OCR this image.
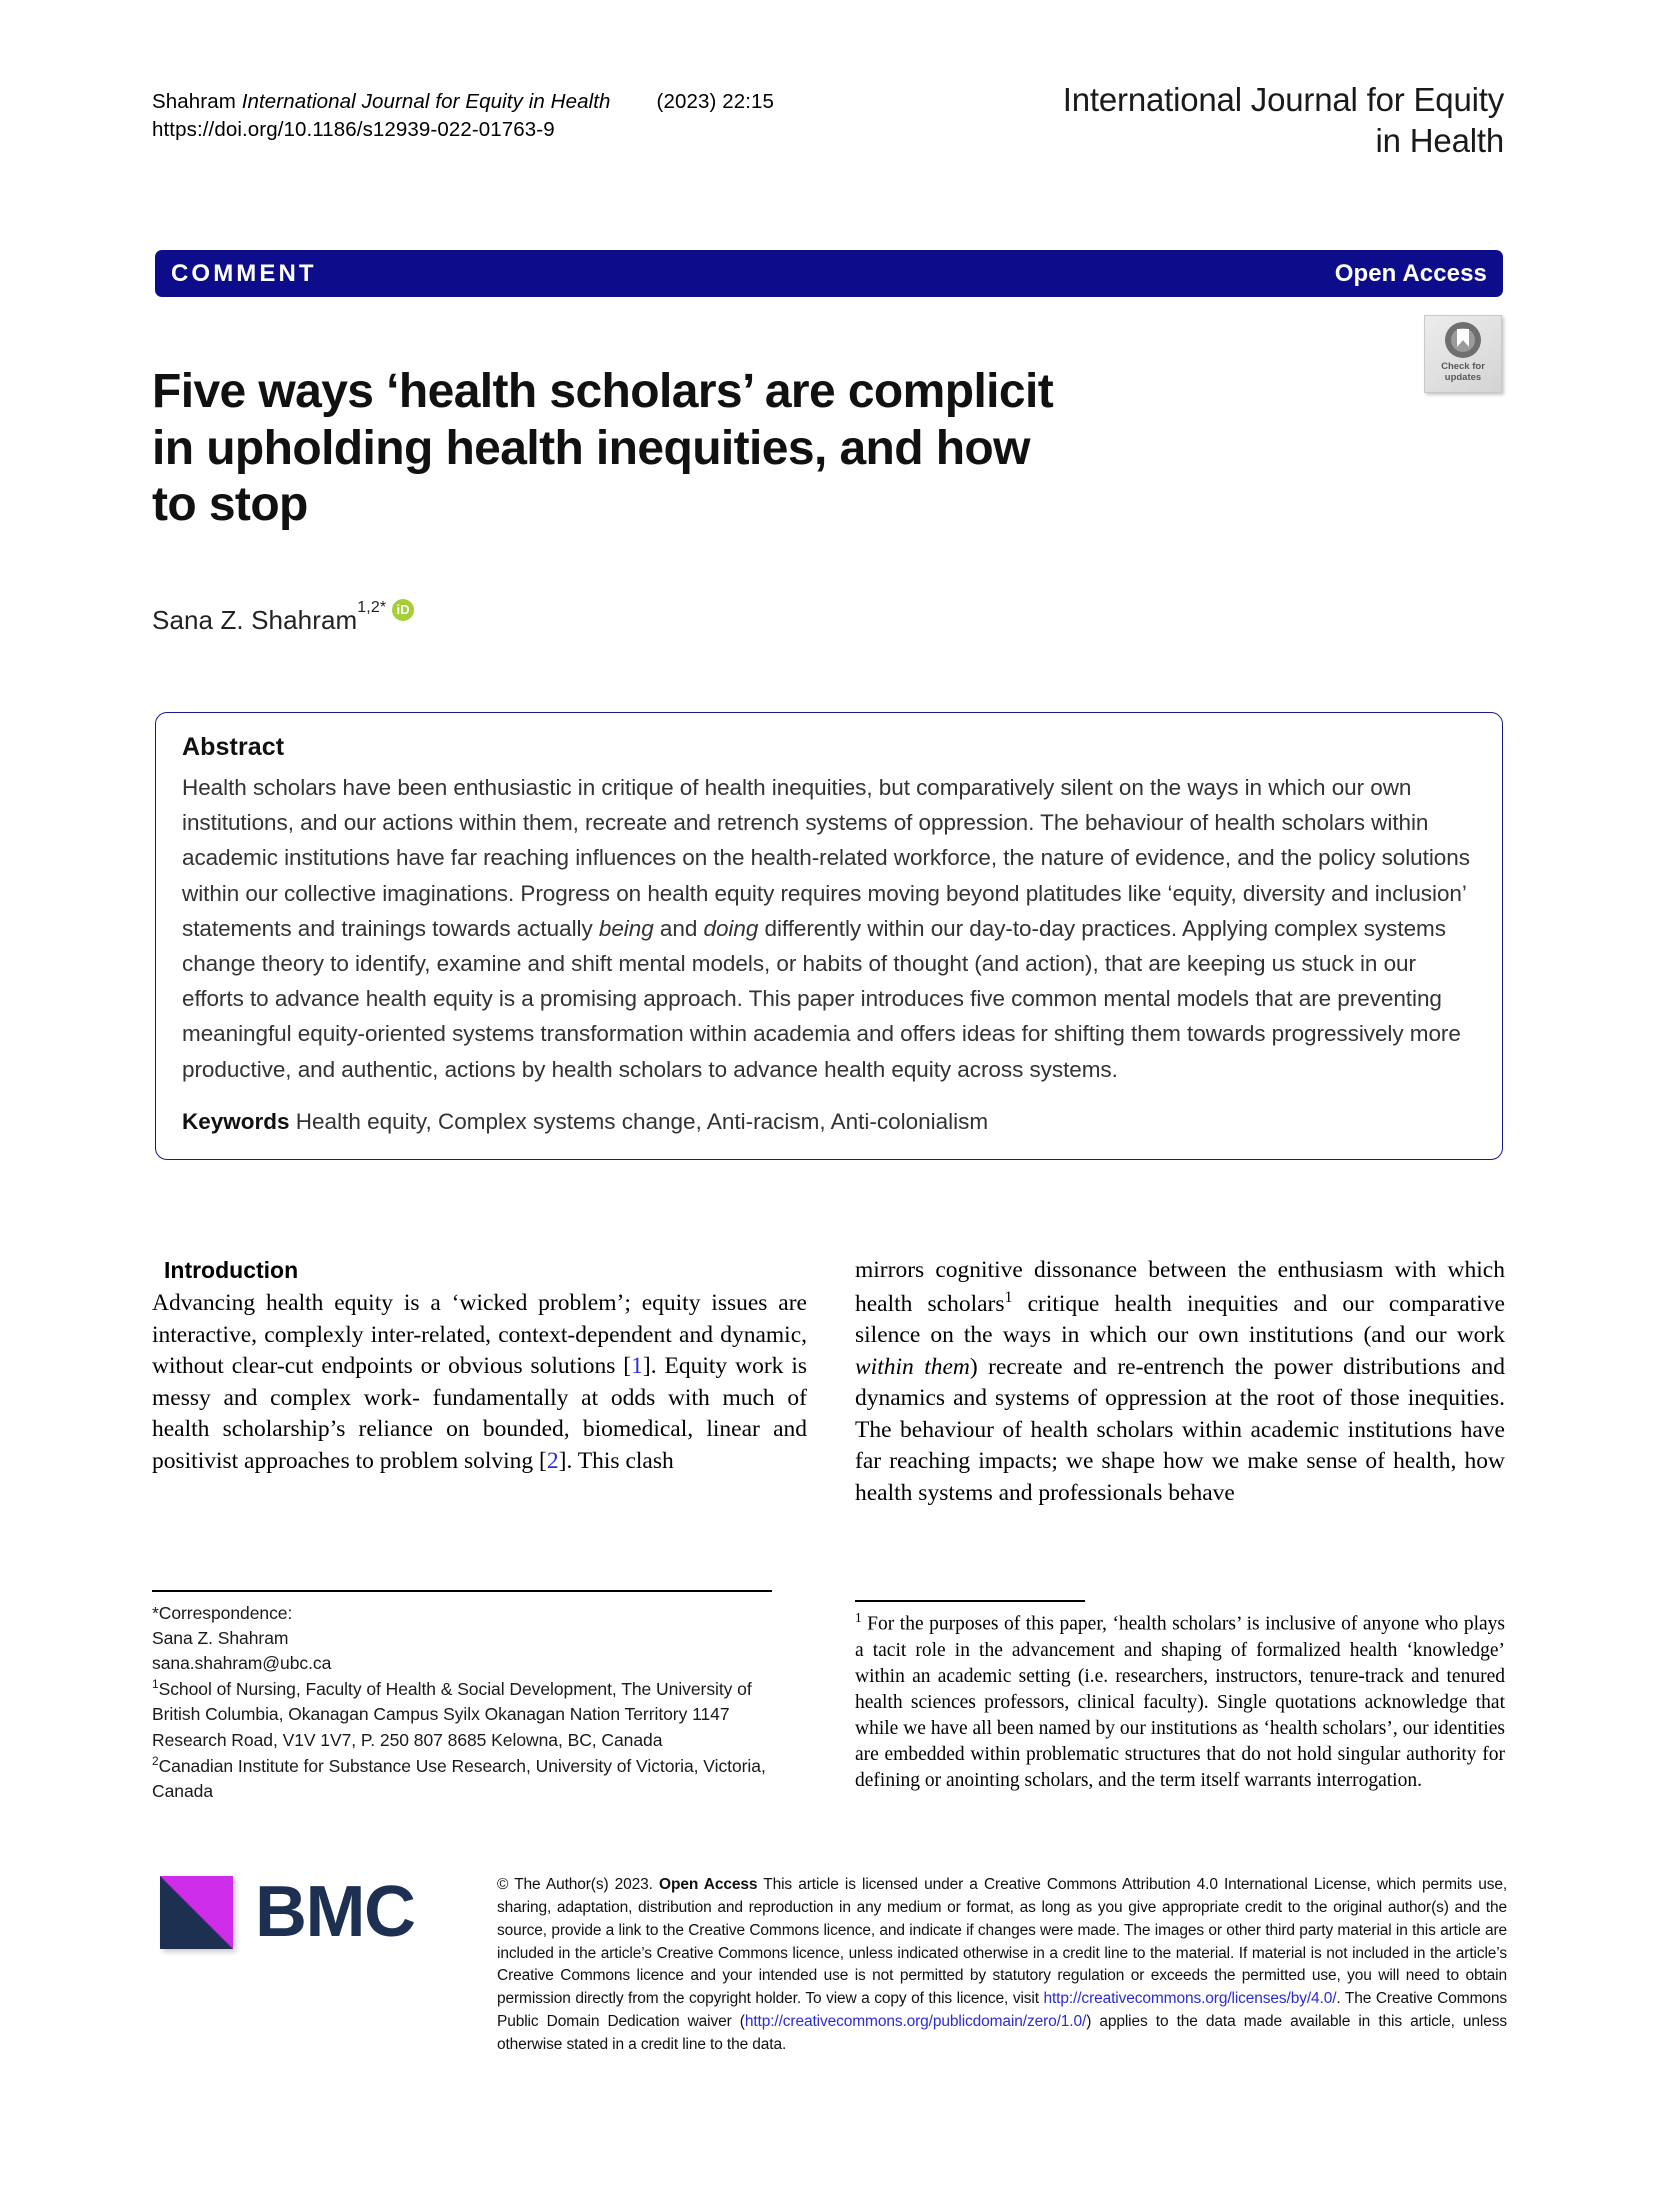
Shahram International Journal for Equity in Health (2023) 22:15
https://doi.org/10.1186/s12939-022-01763-9
International Journal for Equity
in Health
COMMENT	Open Access
Five ways ‘health scholars’ are complicit
in upholding health inequities, and how
to stop
Check for
updates
Sana Z. Shahram 1,2* iD
Abstract
Health scholars have been enthusiastic in critique of health inequities, but comparatively silent on the ways in which our own institutions, and our actions within them, recreate and retrench systems of oppression. The behaviour of health scholars within academic institutions have far reaching influences on the health-related workforce, the nature of evidence, and the policy solutions within our collective imaginations. Progress on health equity requires moving beyond platitudes like ‘equity, diversity and inclusion’ statements and trainings towards actually being and doing differently within our day-to-day practices. Applying complex systems change theory to identify, examine and shift mental models, or habits of thought (and action), that are keeping us stuck in our efforts to advance health equity is a promising approach. This paper introduces five common mental models that are preventing meaningful equity-oriented systems transformation within academia and offers ideas for shifting them towards progressively more productive, and authentic, actions by health scholars to advance health equity across systems.
Keywords Health equity, Complex systems change, Anti-racism, Anti-colonialism
Introduction

Advancing health equity is a ‘wicked problem’; equity issues are interactive, complexly inter-related, context-dependent and dynamic, without clear-cut endpoints or obvious solutions [1]. Equity work is messy and complex work- fundamentally at odds with much of health scholarship’s reliance on bounded, biomedical, linear and positivist approaches to problem solving [2]. This clash

mirrors cognitive dissonance between the enthusiasm with which health scholars$^1$ critique health inequities and our comparative silence on the ways in which our own institutions (and our work within them) recreate and re-entrench the power distributions and dynamics and systems of oppression at the root of those inequities. The behaviour of health scholars within academic institutions have far reaching impacts; we shape how we make sense of health, how health systems and professionals behave

*Correspondence:
Sana Z. Shahram
sana.shahram@ubc.ca
$^1$School of Nursing, Faculty of Health & Social Development, The University of British Columbia, Okanagan Campus Syilx Okanagan Nation Territory 1147 Research Road, V1V 1V7, P. 250 807 8685 Kelowna, BC, Canada
$^2$Canadian Institute for Substance Use Research, University of Victoria, Victoria, Canada
$^1$ For the purposes of this paper, ‘health scholars’ is inclusive of anyone who plays a tacit role in the advancement and shaping of formalized health ‘knowledge’ within an academic setting (i.e. researchers, instructors, tenure-track and tenured health sciences professors, clinical faculty). Single quotations acknowledge that while we have all been named by our institutions as ‘health scholars’, our identities are embedded within problematic structures that do not hold singular authority for defining or anointing scholars, and the term itself warrants interrogation.
BMC	© The Author(s) 2023. Open Access This article is licensed under a Creative Commons Attribution 4.0 International License, which permits use, sharing, adaptation, distribution and reproduction in any medium or format, as long as you give appropriate credit to the original author(s) and the source, provide a link to the Creative Commons licence, and indicate if changes were made. The images or other third party material in this article are included in the article’s Creative Commons licence, unless indicated otherwise in a credit line to the material. If material is not included in the article’s Creative Commons licence and your intended use is not permitted by statutory regulation or exceeds the permitted use, you will need to obtain permission directly from the copyright holder. To view a copy of this licence, visit http://creativecommons.org/licenses/by/4.0/. The Creative Commons Public Domain Dedication waiver (http://creativecommons.org/publicdomain/zero/1.0/) applies to the data made available in this article, unless otherwise stated in a credit line to the data.
